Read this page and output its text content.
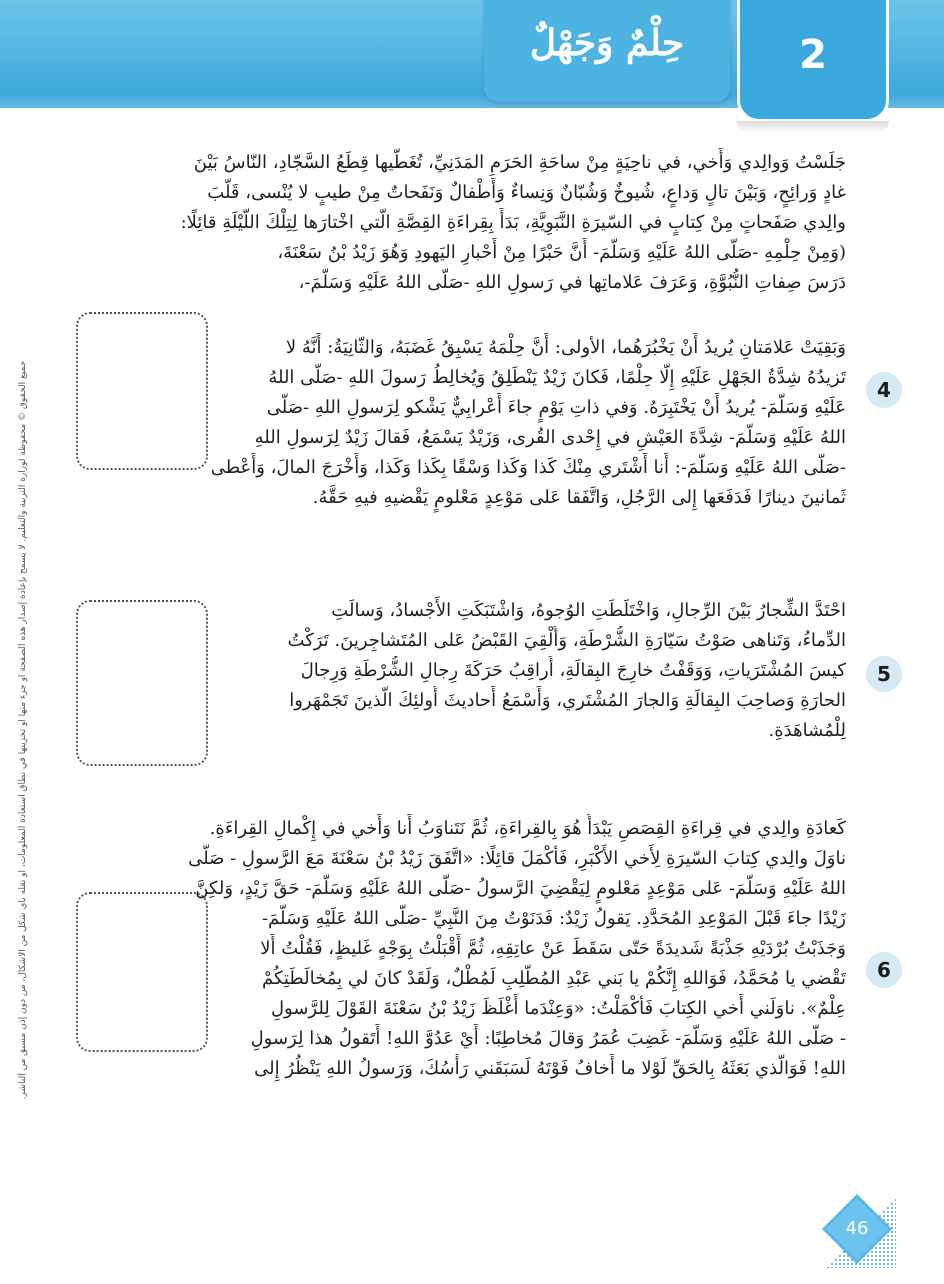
حِلْمٌ وَجَهْلٌ	2
جميع الحقوق © محفوظة لوزارة التربية والتعليم. لا يسمح بإعادة إصدار هذه الصفحة أو جزء منها أو تخزينها في نطاق استعادة المعلومات، أو نقله بأي شكل من الأشكال، من دون إذن مسبق من الناشر.
جَلَسْتُ وَوالِدي وَأَخي، في ناحِيَةٍ مِنْ ساحَةِ الحَرَمِ المَدَنِيِّ، تُغَطّيها قِطَعُ السَّجّادِ، النّاسُ بَيْنَ
غادٍ وَرائِحٍ، وَبَيْنَ تالٍ وَداعٍ، شُيوخٌ وَشُبّانٌ وَنِساءٌ وَأَطْفالٌ وَنَفَحاتٌ مِنْ طيبٍ لا يُنْسى، قَلَّبَ
والِدي صَفَحاتٍ مِنْ كِتابٍ في السّيرَةِ النَّبَوِيَّةِ، بَدَأَ بِقِراءَةِ القِصَّةِ الَّتي اخْتارَها لِتِلْكَ اللَّيْلَةِ قائِلًا:
(وَمِنْ حِلْمِهِ -صَلّى اللهُ عَلَيْهِ وَسَلَّمَ- أَنَّ حَبْرًا مِنْ أَحْبارِ اليَهودِ وَهُوَ زَيْدُ بْنُ سَعْنَةَ،
دَرَسَ صِفاتِ النُّبُوَّةِ، وَعَرَفَ عَلاماتِها في رَسولِ اللهِ -صَلّى اللهُ عَلَيْهِ وَسَلَّمَ-،
4
وَبَقِيَتْ عَلامَتانِ يُريدُ أَنْ يَخْبُرَهُما، الأولى: أَنَّ حِلْمَهُ يَسْبِقُ غَضَبَهُ، وَالثّانِيَةُ: أَنَّهُ لا
تَزيدُهُ شِدَّةُ الجَهْلِ عَلَيْهِ إِلّا حِلْمًا، فَكانَ زَيْدٌ يَنْطَلِقُ وَيُخالِطُ رَسولَ اللهِ -صَلّى اللهُ
عَلَيْهِ وَسَلَّمَ- يُريدُ أَنْ يَخْتَبِرَهُ. وَفي ذاتِ يَوْمٍ جاءَ أَعْرابِيٌّ يَشْكو لِرَسولِ اللهِ -صَلّى
اللهُ عَلَيْهِ وَسَلَّمَ- شِدَّةَ العَيْشِ في إِحْدى القُرى، وَزَيْدٌ يَسْمَعُ، فَقالَ زَيْدٌ لِرَسولِ اللهِ
-صَلّى اللهُ عَلَيْهِ وَسَلَّمَ-: أَنا أَشْتَري مِنْكَ كَذا وَكَذا وَسْقًا بِكَذا وَكَذا، وَأَخْرَجَ المالَ، وَأَعْطى
ثَمانينَ دينارًا فَدَفَعَها إِلى الرَّجُلِ، وَاتَّفَقا عَلى مَوْعِدٍ مَعْلومٍ يَقْضيهِ فيهِ حَقَّهُ.
5
احْتَدَّ الشِّجارُ بَيْنَ الرِّجالِ، وَاخْتَلَطَتِ الوُجوهُ، وَاشْتَبَكَتِ الأَجْسادُ، وَسالَتِ
الدِّماءُ، وَتَناهى صَوْتُ سَيّارَةِ الشُّرْطَةِ، وَأُلْقِيَ القَبْضُ عَلى المُتَشاجِرينَ. تَرَكْتُ
كيسَ المُشْتَرَياتِ، وَوَقَفْتُ خارِجَ البِقالَةِ، أُراقِبُ حَرَكَةَ رِجالِ الشُّرْطَةِ وَرِجالَ
الحارَةِ وَصاحِبَ البِقالَةِ وَالجارَ المُشْتَري، وَأَسْمَعُ أَحاديثَ أُولئِكَ الَّذينَ تَجَمْهَروا
لِلْمُشاهَدَةِ.
6
كَعادَةِ والِدي في قِراءَةِ القِصَصِ يَبْدَأُ هُوَ بِالقِراءَةِ، ثُمَّ نَتَناوَبُ أَنا وَأَخي في إِكْمالِ القِراءَةِ.
ناوَلَ والِدي كِتابَ السّيرَةِ لِأَخي الأَكْبَرِ، فَأَكْمَلَ قائِلًا: «اتَّفَقَ زَيْدُ بْنُ سَعْنَةَ مَعَ الرَّسولِ - صَلّى
اللهُ عَلَيْهِ وَسَلَّمَ- عَلى مَوْعِدٍ مَعْلومٍ لِيَقْضِيَ الرَّسولُ -صَلّى اللهُ عَلَيْهِ وَسَلَّمَ- حَقَّ زَيْدٍ، وَلكِنَّ
زَيْدًا جاءَ قَبْلَ المَوْعِدِ المُحَدَّدِ. يَقولُ زَيْدٌ: فَدَنَوْتُ مِنَ النَّبِيِّ -صَلّى اللهُ عَلَيْهِ وَسَلَّمَ-
وَجَذَبْتُ بُرْدَيْهِ جَذْبَةً شَديدَةً حَتّى سَقَطَ عَنْ عاتِقِهِ، ثُمَّ أَقْبَلْتُ بِوَجْهٍ غَليظٍ، فَقُلْتُ أَلا
تَقْضي يا مُحَمَّدُ، فَوَاللهِ إِنَّكُمْ يا بَني عَبْدِ المُطَّلِبِ لَمُطْلٌ، وَلَقَدْ كانَ لي بِمُخالَطَتِكُمْ
عِلْمٌ». ناوَلَني أَخي الكِتابَ فَأَكْمَلْتُ: «وَعِنْدَما أَغْلَظَ زَيْدُ بْنُ سَعْنَةَ القَوْلَ لِلرَّسولِ
- صَلّى اللهُ عَلَيْهِ وَسَلَّمَ- غَضِبَ عُمَرُ وَقالَ مُخاطِبًا: أَيْ عَدُوَّ اللهِ! أَتَقولُ هذا لِرَسولِ
اللهِ! فَوَالَّذي بَعَثَهُ بِالحَقِّ لَوْلا ما أَخافُ فَوْتَهُ لَسَبَقَني رَأْسُكَ، وَرَسولُ اللهِ يَنْظُرُ إِلى
46
